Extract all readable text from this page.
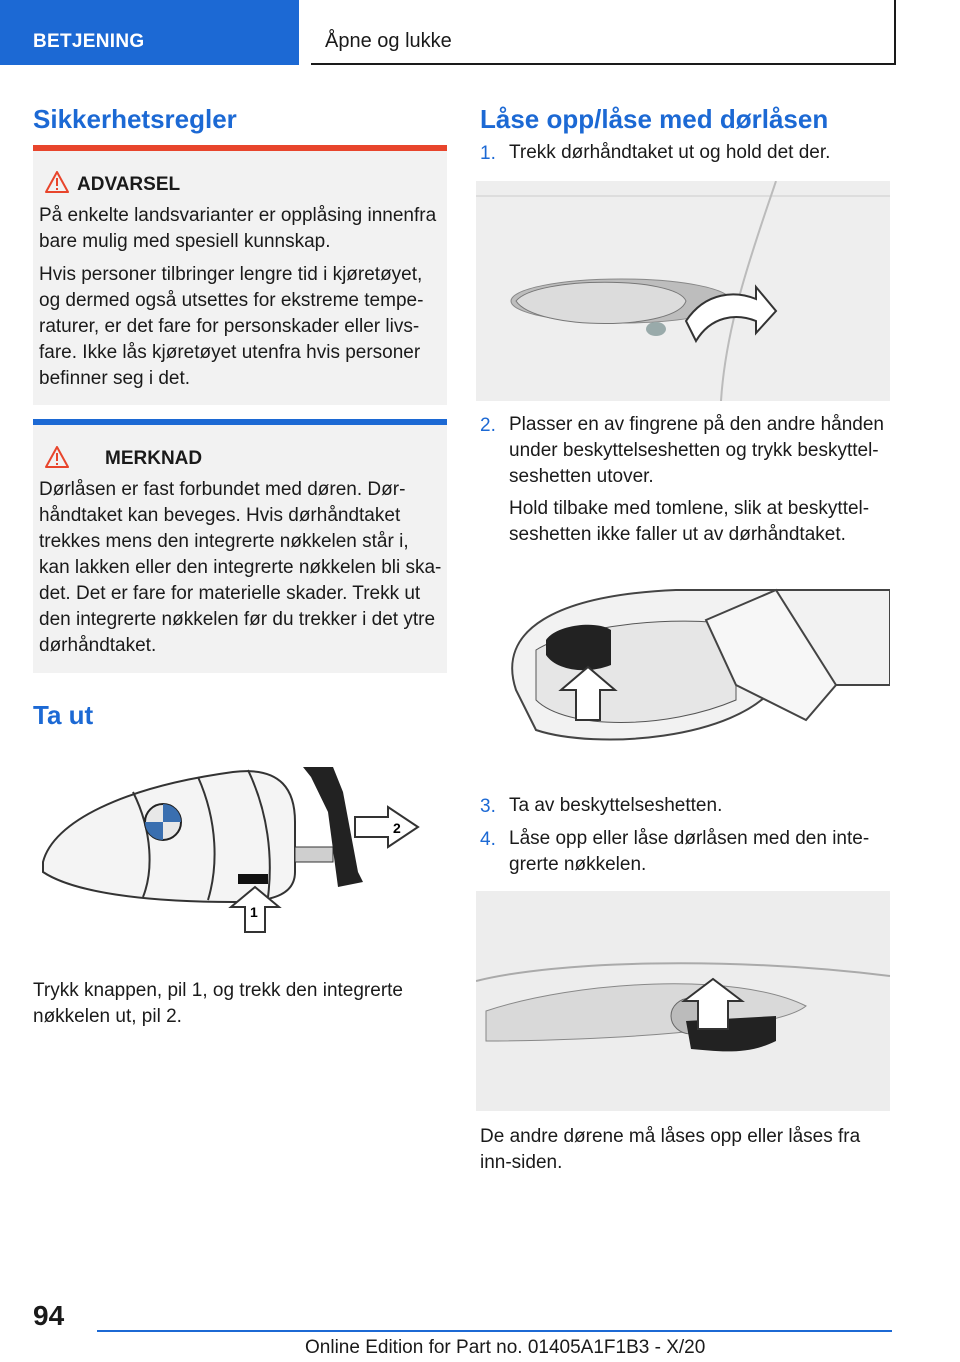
BETJENING	Åpne og lukke
Sikkerhetsregler
ADVARSEL

På enkelte landsvarianter er opplåsing innenfra bare mulig med spesiell kunnskap.

Hvis personer tilbringer lengre tid i kjøretøyet, og dermed også utsettes for ekstreme tempe-raturer, er det fare for personskader eller livs-fare. Ikke lås kjøretøyet utenfra hvis personer befinner seg i det.

MERKNAD

Dørlåsen er fast forbundet med døren. Dør-håndtaket kan beveges. Hvis dørhåndtaket trekkes mens den integrerte nøkkelen står i, kan lakken eller den integrerte nøkkelen bli ska-det. Det er fare for materielle skader. Trekk ut den integrerte nøkkelen før du trekker i det ytre dørhåndtaket.

Ta ut
2
1

Trykk knappen, pil 1, og trekk den integrerte nøkkelen ut, pil 2.

Låse opp/låse med dørlåsen
1. Trekk dørhåndtaket ut og hold det der.

2. Plasser en av fingrene på den andre hånden under beskyttelseshetten og trykk beskyttel-seshetten utover.

Hold tilbake med tomlene, slik at beskyttel-seshetten ikke faller ut av dørhåndtaket.

3. Ta av beskyttelseshetten.

4. Låse opp eller låse dørlåsen med den inte-grerte nøkkelen.

De andre dørene må låses opp eller låses fra inn-siden.

94
Online Edition for Part no. 01405A1F1B3 - X/20
